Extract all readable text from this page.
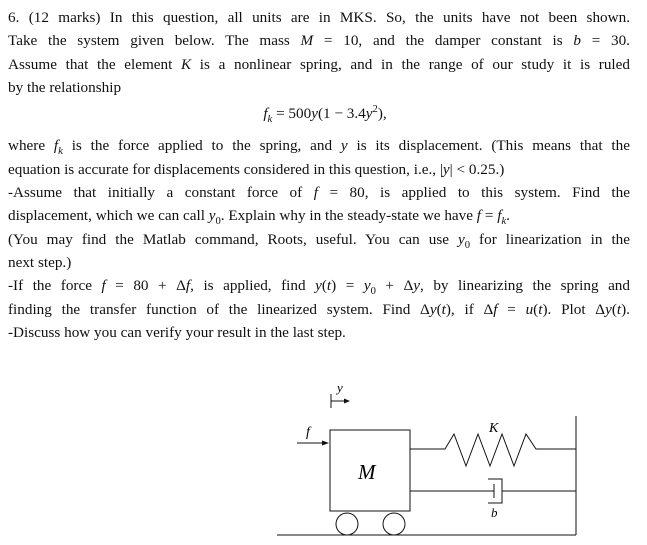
6. (12 marks) In this question, all units are in MKS. So, the units have not been shown.
Take the system given below. The mass M = 10, and the damper constant is b = 30.
Assume that the element K is a nonlinear spring, and in the range of our study it is ruled
by the relationship
$f_k = 500y(1 - 3.4y^2)$,
where $f_k$ is the force applied to the spring, and y is its displacement. (This means that the
equation is accurate for displacements considered in this question, i.e., |y| < 0.25.)
-Assume that initially a constant force of f = 80, is applied to this system. Find the
displacement, which we can call $y_0$. Explain why in the steady-state we have $f = f_k$.
(You may find the Matlab command, Roots, useful. You can use $y_0$ for linearization in the
next step.)
-If the force f = 80 + Δf, is applied, find $y(t) = y_0 + \Delta y$, by linearizing the spring and
finding the transfer function of the linearized system. Find Δy(t), if Δf = u(t). Plot Δy(t).
-Discuss how you can verify your result in the last step.
y
f
M
K
b
